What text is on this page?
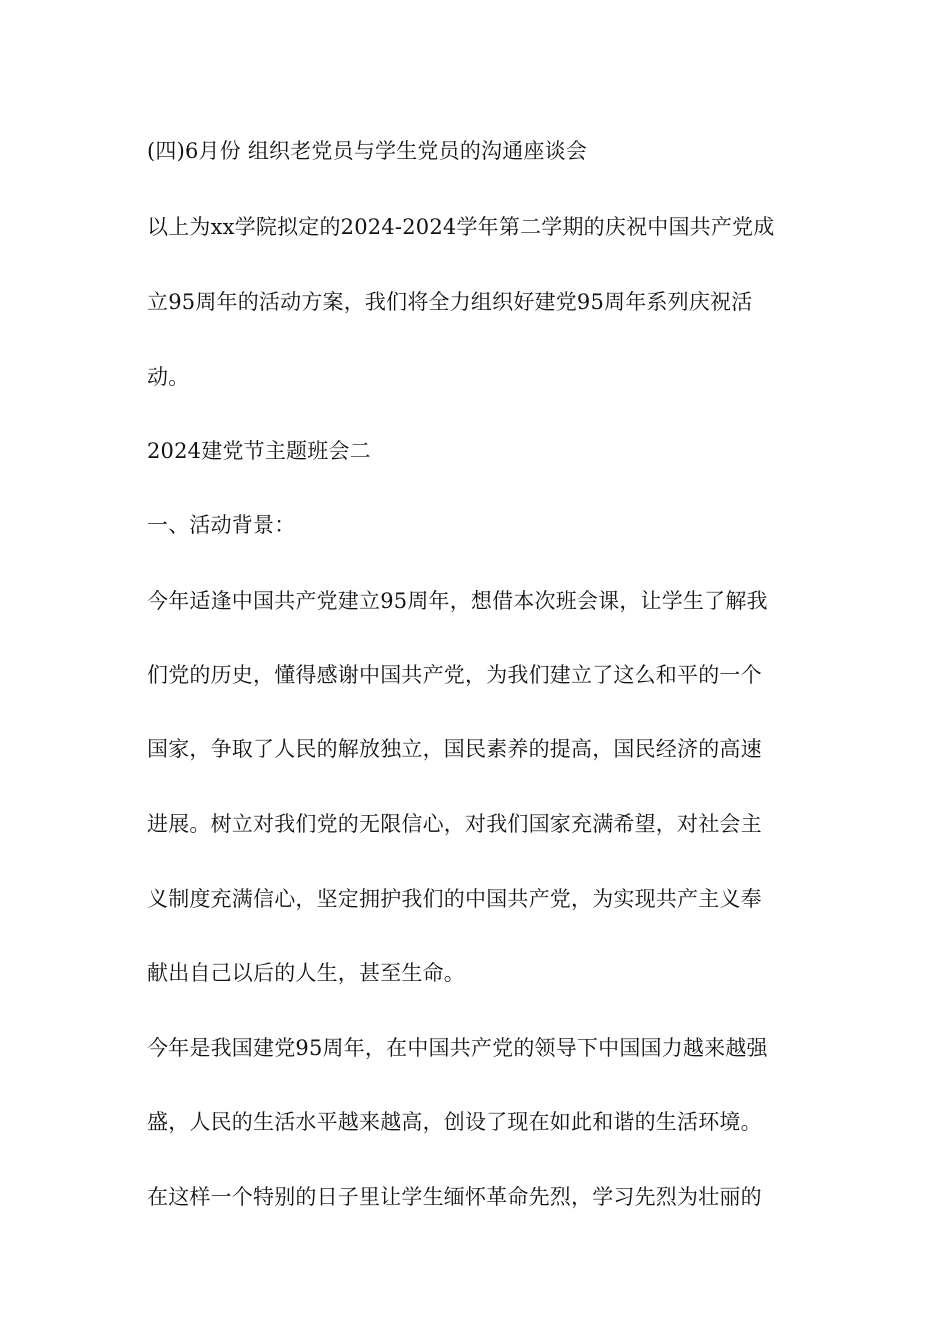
(四)6月份 组织老党员与学生党员的沟通座谈会
以上为xx学院拟定的2024-2024学年第二学期的庆祝中国共产党成
立95周年的活动方案，我们将全力组织好建党95周年系列庆祝活
动。
2024建党节主题班会二
一、活动背景：
今年适逢中国共产党建立95周年，想借本次班会课，让学生了解我
们党的历史，懂得感谢中国共产党，为我们建立了这么和平的一个
国家，争取了人民的解放独立，国民素养的提高，国民经济的高速
进展。树立对我们党的无限信心，对我们国家充满希望，对社会主
义制度充满信心，坚定拥护我们的中国共产党，为实现共产主义奉
献出自己以后的人生，甚至生命。
今年是我国建党95周年，在中国共产党的领导下中国国力越来越强
盛，人民的生活水平越来越高，创设了现在如此和谐的生活环境。
在这样一个特别的日子里让学生缅怀革命先烈，学习先烈为壮丽的
